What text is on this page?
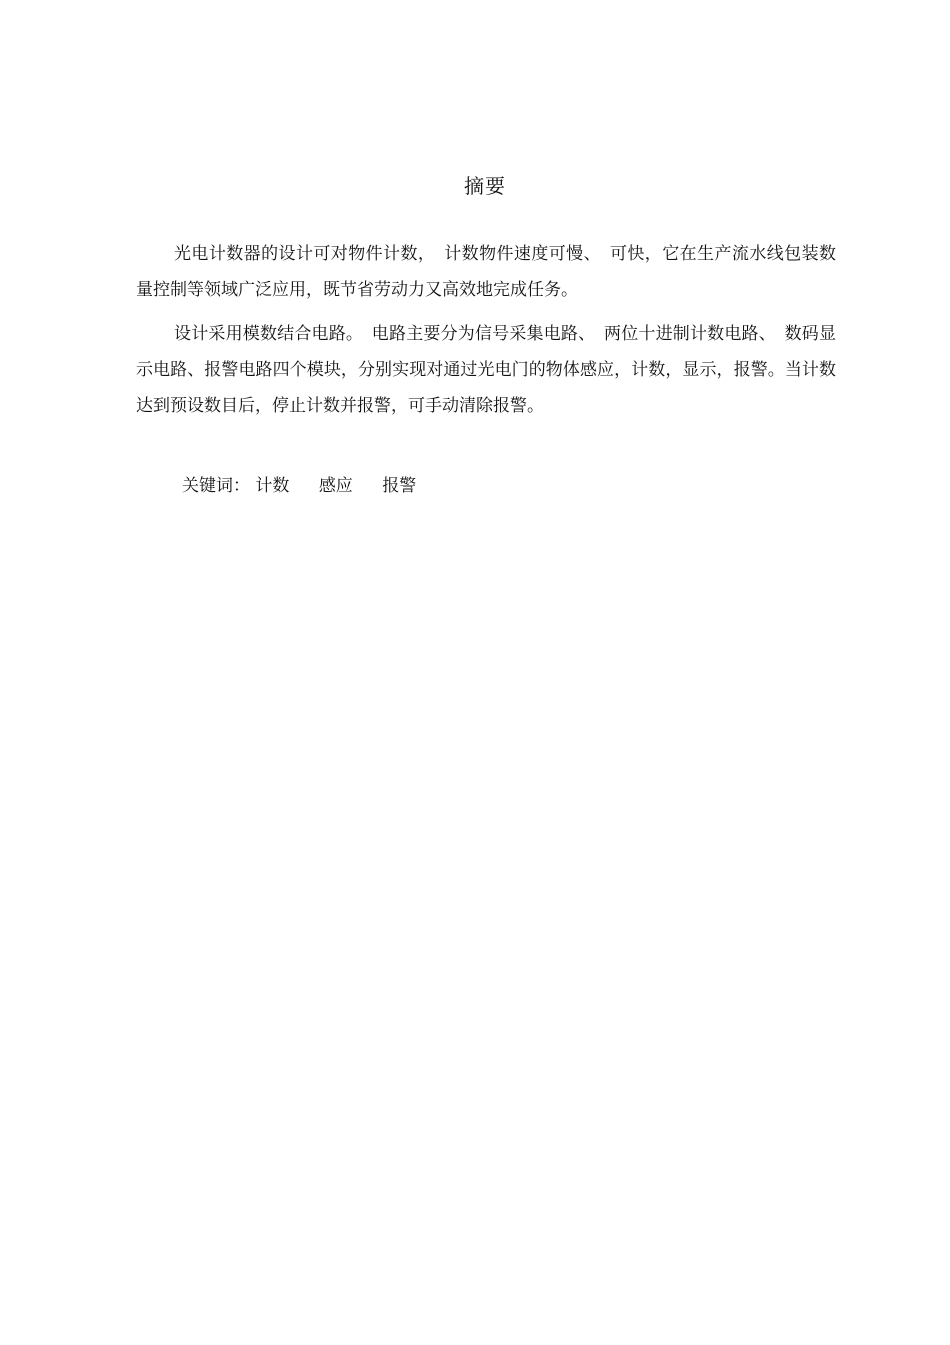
摘要

光电计数器的设计可对物件计数，　计数物件速度可慢、　可快，它在生产流水线包装数量控制等领域广泛应用，既节省劳动力又高效地完成任务。

设计采用模数结合电路。　电路主要分为信号采集电路、　两位十进制计数电路、　数码显示电路、报警电路四个模块，分别实现对通过光电门的物体感应，计数，显示，报警。当计数达到预设数目后，停止计数并报警，可手动清除报警。

关键词： 计数 感应 报警
